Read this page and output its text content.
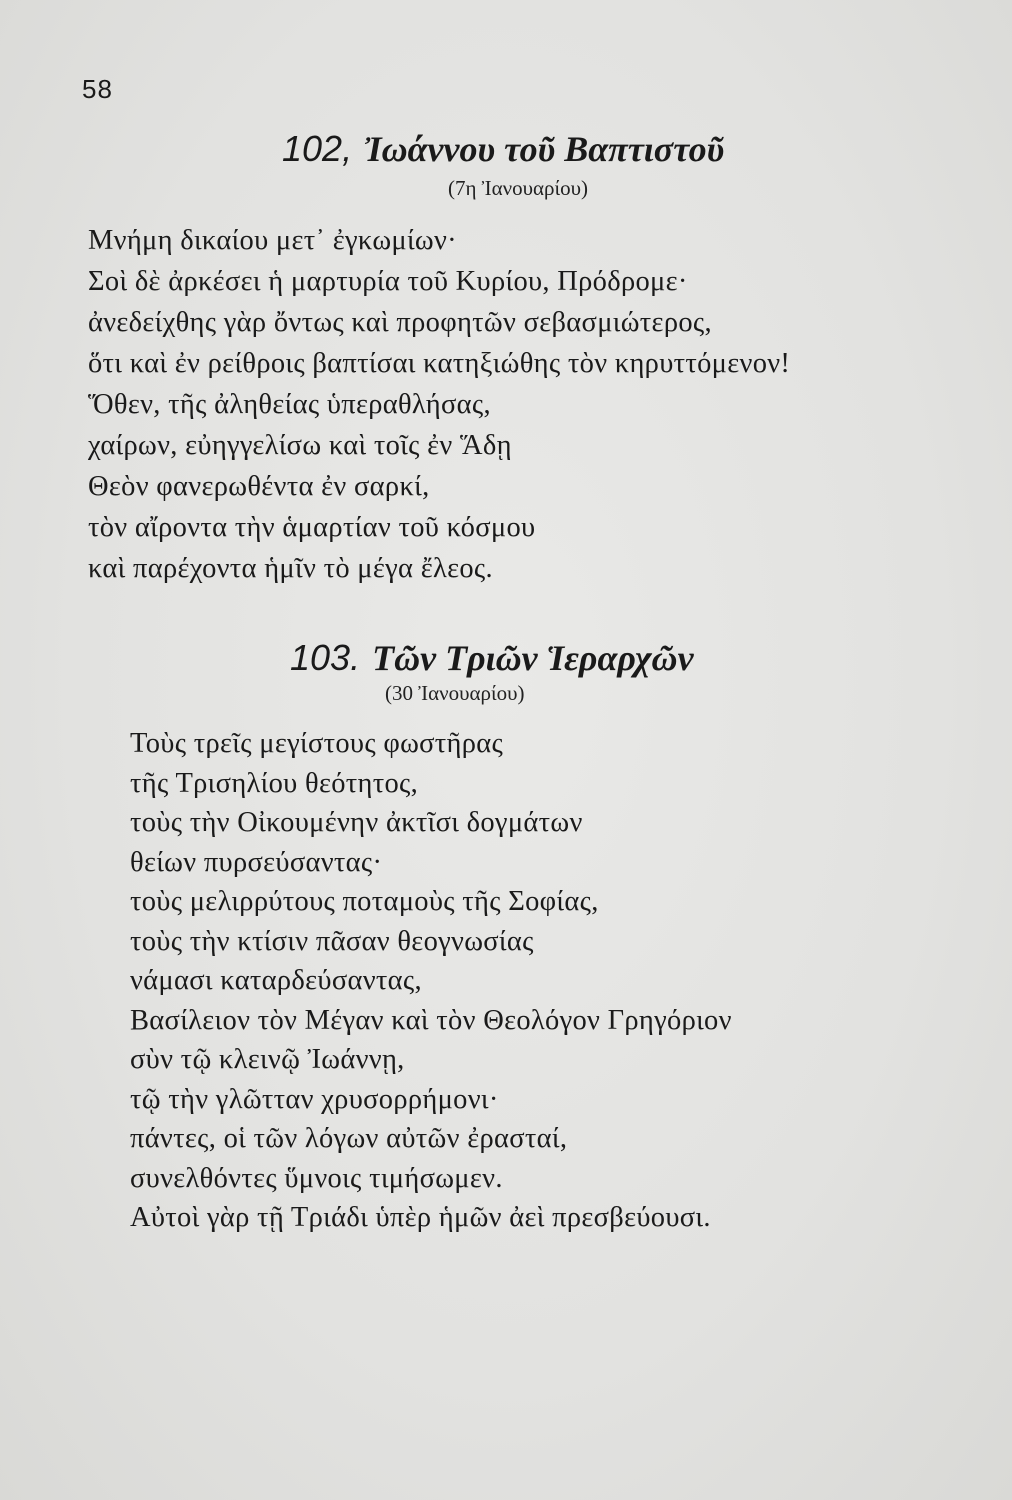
58
102, Ἰωάννου τοῦ Βαπτιστοῦ
(7η Ἰανουαρίου)
Μνήμη δικαίου μετ᾽ ἐγκωμίων·
Σοὶ δὲ ἀρκέσει ἡ μαρτυρία τοῦ Κυρίου, Πρόδρομε·
ἀνεδείχθης γὰρ ὄντως καὶ προφητῶν σεβασμιώτερος,
ὅτι καὶ ἐν ρείθροις βαπτίσαι κατηξιώθης τὸν κηρυττόμενον!
Ὅθεν, τῆς ἀληθείας ὑπεραθλήσας,
χαίρων, εὐηγγελίσω καὶ τοῖς ἐν Ἅδῃ
Θεὸν φανερωθέντα ἐν σαρκί,
τὸν αἴροντα τὴν ἁμαρτίαν τοῦ κόσμου
καὶ παρέχοντα ἡμῖν τὸ μέγα ἔλεος.
103. Τῶν Τριῶν Ἱεραρχῶν
(30 Ἰανουαρίου)
Τοὺς τρεῖς μεγίστους φωστῆρας
τῆς Τρισηλίου θεότητος,
τοὺς τὴν Οἰκουμένην ἀκτῖσι δογμάτων
θείων πυρσεύσαντας·
τοὺς μελιρρύτους ποταμοὺς τῆς Σοφίας,
τοὺς τὴν κτίσιν πᾶσαν θεογνωσίας
νάμασι καταρδεύσαντας,
Βασίλειον τὸν Μέγαν καὶ τὸν Θεολόγον Γρηγόριον
σὺν τῷ κλεινῷ Ἰωάννῃ,
τῷ τὴν γλῶτταν χρυσορρήμονι·
πάντες, οἱ τῶν λόγων αὐτῶν ἐρασταί,
συνελθόντες ὕμνοις τιμήσωμεν.
Αὐτοὶ γὰρ τῇ Τριάδι ὑπὲρ ἡμῶν ἀεὶ πρεσβεύουσι.
